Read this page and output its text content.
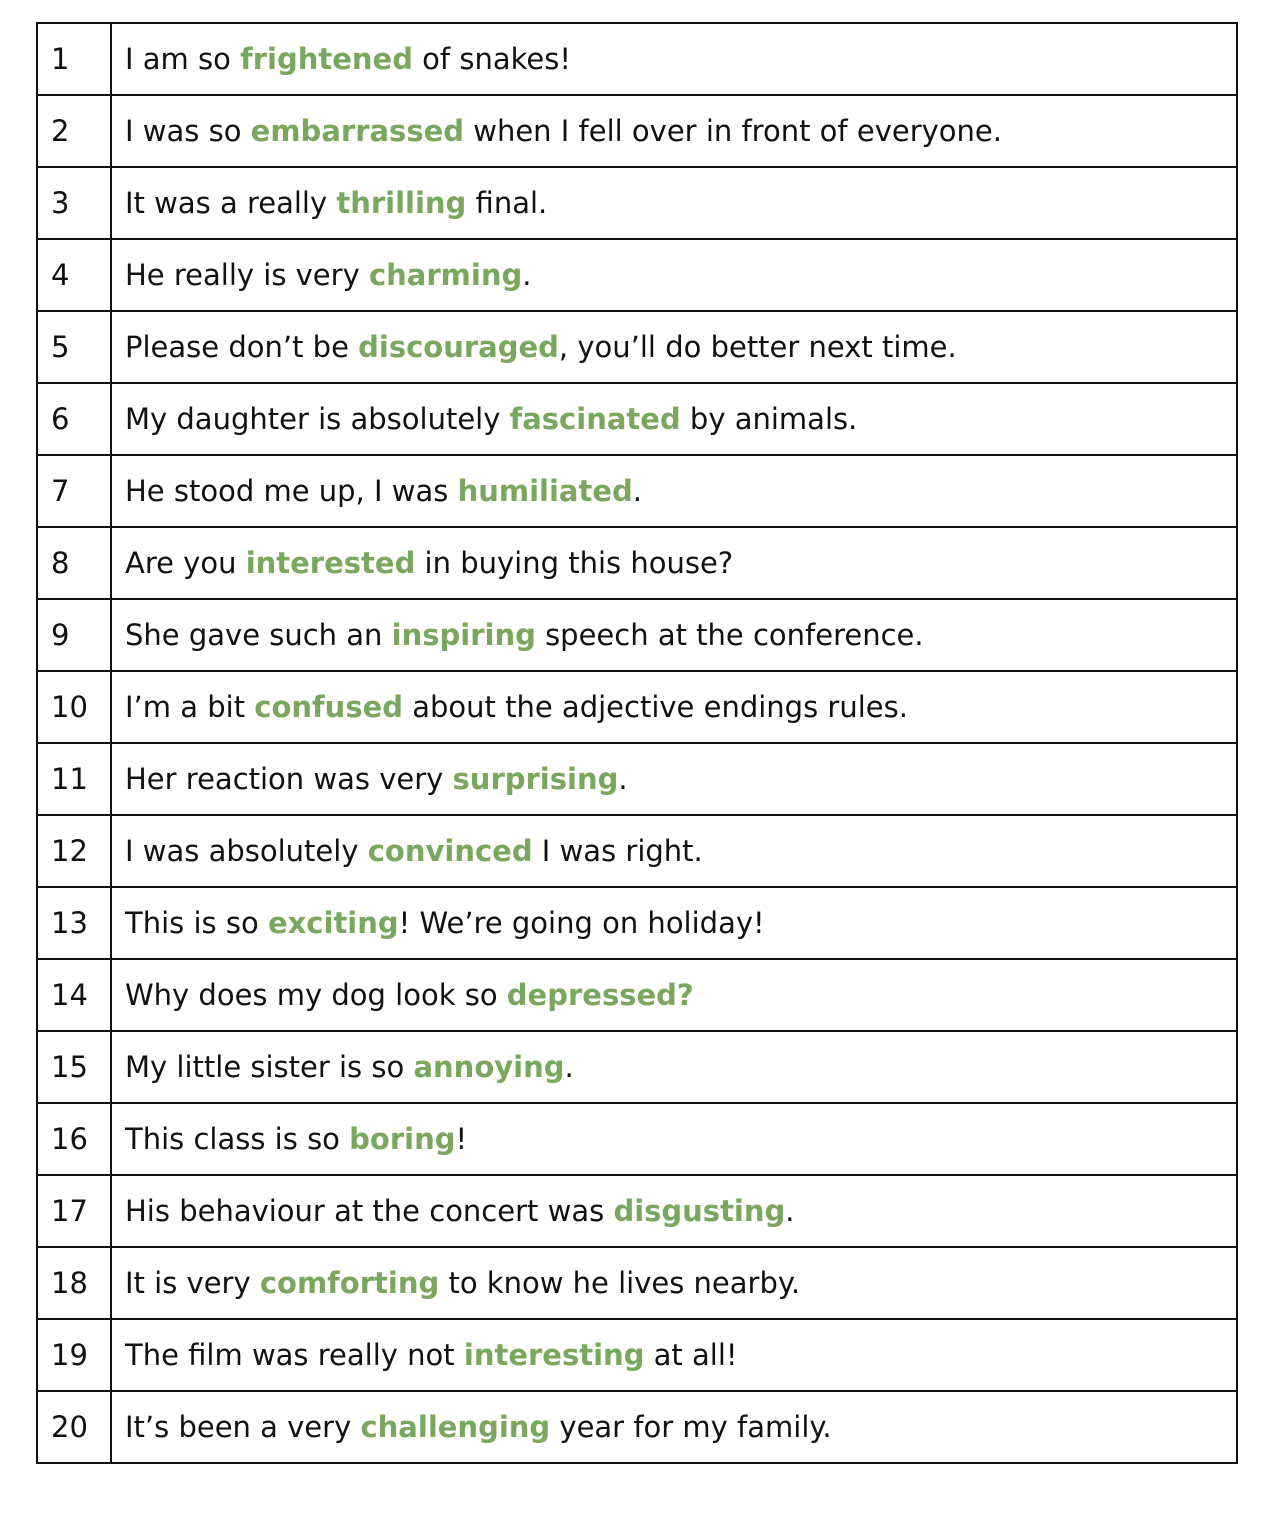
1	I am so frightened of snakes!
2	I was so embarrassed when I fell over in front of everyone.
3	It was a really thrilling final.
4	He really is very charming.
5	Please don’t be discouraged, you’ll do better next time.
6	My daughter is absolutely fascinated by animals.
7	He stood me up, I was humiliated.
8	Are you interested in buying this house?
9	She gave such an inspiring speech at the conference.
10	I’m a bit confused about the adjective endings rules.
11	Her reaction was very surprising.
12	I was absolutely convinced I was right.
13	This is so exciting! We’re going on holiday!
14	Why does my dog look so depressed?
15	My little sister is so annoying.
16	This class is so boring!
17	His behaviour at the concert was disgusting.
18	It is very comforting to know he lives nearby.
19	The film was really not interesting at all!
20	It’s been a very challenging year for my family.
